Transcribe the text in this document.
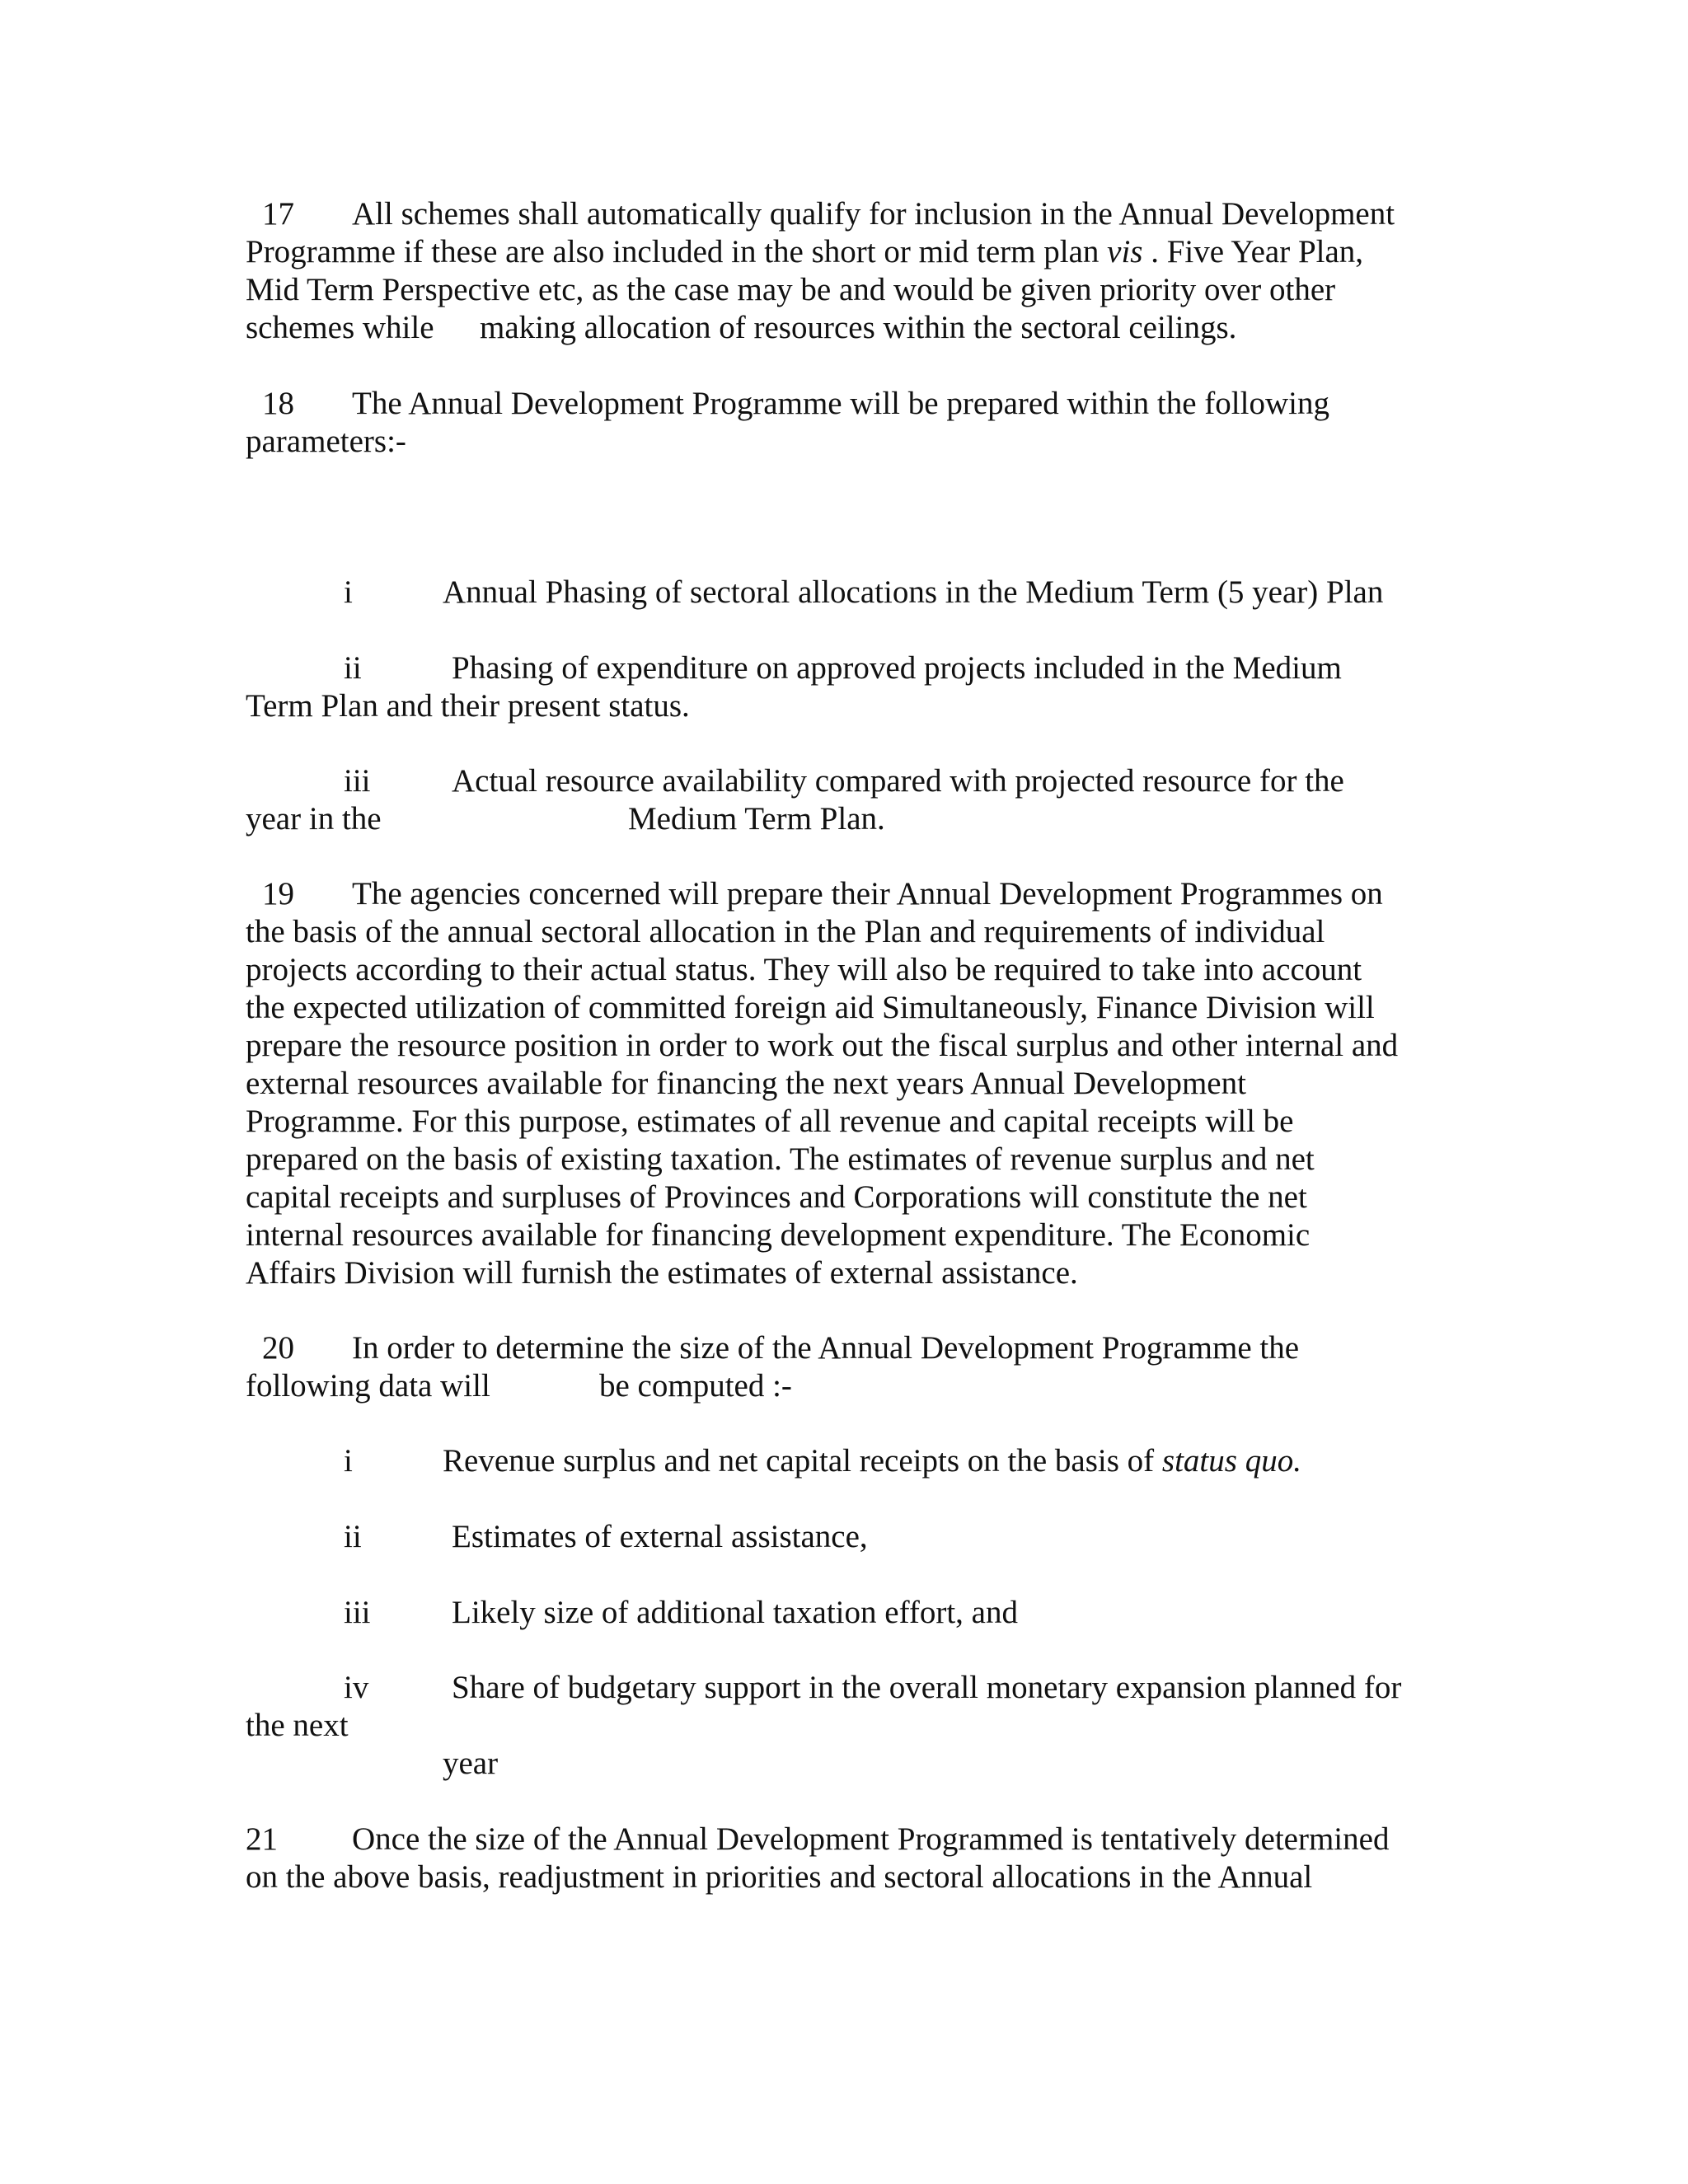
17 All schemes shall automatically qualify for inclusion in the Annual Development

Programme if these are also included in the short or mid term plan vis . Five Year Plan,

Mid Term Perspective etc, as the case may be and would be given priority over other

schemes while making allocation of resources within the sectoral ceilings.

18 The Annual Development Programme will be prepared within the following

parameters:-

i	Annual Phasing of sectoral allocations in the Medium Term (5 year) Plan

ii	Phasing of expenditure on approved projects included in the Medium

Term Plan and their present status.

iii	Actual resource availability compared with projected resource for the

year in the	Medium Term Plan.

19 The agencies concerned will prepare their Annual Development Programmes on

the basis of the annual sectoral allocation in the Plan and requirements of individual

projects according to their actual status. They will also be required to take into account

the expected utilization of committed foreign aid Simultaneously, Finance Division will

prepare the resource position in order to work out the fiscal surplus and other internal and

external resources available for financing the next years Annual Development

Programme. For this purpose, estimates of all revenue and capital receipts will be

prepared on the basis of existing taxation. The estimates of revenue surplus and net

capital receipts and surpluses of Provinces and Corporations will constitute the net

internal resources available for financing development expenditure. The Economic

Affairs Division will furnish the estimates of external assistance.

20 In order to determine the size of the Annual Development Programme the

following data will	be computed :-

i	Revenue surplus and net capital receipts on the basis of status quo.

ii	Estimates of external assistance,

iii	Likely size of additional taxation effort, and

iv	Share of budgetary support in the overall monetary expansion planned for

the next

year

21 Once the size of the Annual Development Programmed is tentatively determined

on the above basis, readjustment in priorities and sectoral allocations in the Annual
